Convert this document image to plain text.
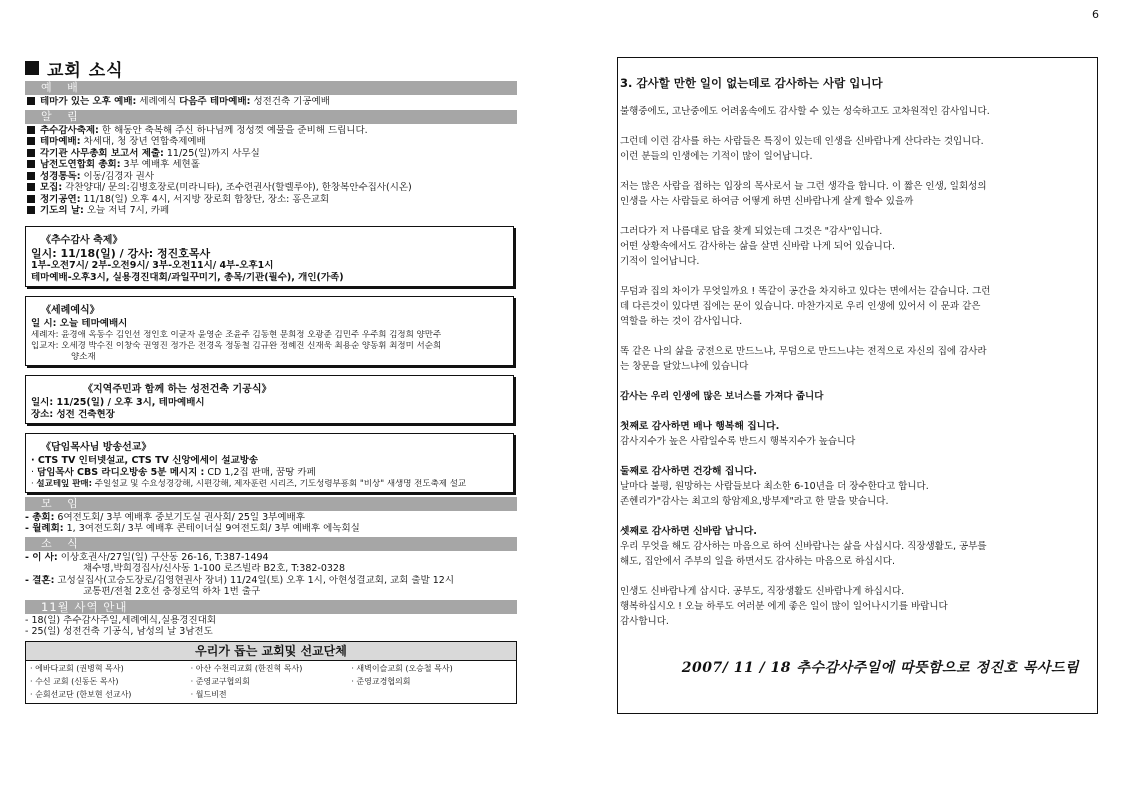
6
교회 소식
예 배
테마가 있는 오후 예배: 세례예식 다음주 테마예배: 성전건축 기공예배
알 림
추수감사축제: 한 해동안 축복해 주신 하나님께 정성껏 예물을 준비해 드립니다.
테마예배: 차세대, 청 장년 연합축제예배
각기관 사무총회 보고서 제출: 11/25(일)까지 사무실
남전도연합회 총회: 3부 예배후 세현홀
성경통독: 이동/김경자 권사
모집: 각찬양대/ 문의:김병호장로(미라니타), 조수련권사(할렐루야), 한창복안수집사(시온)
정기공연: 11/18(일) 오후 4시, 서지방 장로회 합창단, 장소: 홍은교회
기도의 날: 오늘 저녁 7시, 카페
《추수감사 축제》
일시: 11/18(일) / 강사: 정진호목사
1부-오전7시/ 2부-오전9시/ 3부-오전11시/ 4부-오후1시
테마예배-오후3시, 실용경진대회/과일꾸미기, 총목/기관(필수), 개인(가족)
《세례예식》
일 시: 오늘 테마예배시
세례자: 윤경애 옥동수 김인선 정인호 이균자 윤영순 조윤주 김동현 문희정 오광준 김민주 우주희 김정희 양만주
입교자: 오세경 박수진 이창숙 권영진 정가은 전경옥 정동철 김규완 정혜진 신재욱 최용순 양동휘 최정미 서순희
양소재
《지역주민과 함께 하는 성전건축 기공식》
일시: 11/25(일) / 오후 3시, 테마예배시
장소: 성전 건축현장
《담임목사님 방송선교》
· CTS TV 인터넷설교, CTS TV 신앙에세이 설교방송
· 담임목사 CBS 라디오방송 5분 메시지 : CD 1,2집 판매, 꿈땅 카페
· 설교테잎 판매: 주일설교 및 수요성경강해, 시편강해, 제자훈련 시리즈, 기도성령부흥회 "비상" 새생명 전도축제 설교
모 임
- 총회: 6여전도회/ 3부 예배후 중보기도실 권사회/ 25일 3부예배후
- 월례회: 1, 3여전도회/ 3부 예배후 콘테이너실 9여전도회/ 3부 예배후 에녹회실
소 식
- 이 사: 이상호권사/27일(일) 구산동 26-16, T:387-1494
채수명,박희경집사/신사동 1-100 로즈빌라 B2호, T:382-0328
- 결혼: 고성실집사(고승도장로/김영현권사 장녀) 11/24일(토) 오후 1시, 아현성결교회, 교회 출발 12시
교통편/전철 2호선 충정로역 하차 1번 출구
11월 사역 안내
- 18(일) 추수감사주일,세례예식,실용경진대회
- 25(일) 성전건축 기공식, 남성의 날 3남전도
우리가 돕는 교회및 선교단체
· 에바다교회 (권병혁 목사)	· 아산 수천리교회 (한진혁 목사)	· 새벽이슬교회 (오승철 목사)
· 수신 교회 (신동돈 목사)	· 준영교구협의회	· 준영교경협의회
· 순회선교단 (한보현 선교사)	· 월드비전
3. 감사할 만한 일이 없는데로 감사하는 사람 입니다
불행중에도, 고난중에도 어려움속에도 감사할 수 있는 성숙하고도 고차원적인 감사입니다.
그런데 이런 감사를 하는 사람들은 특징이 있는데 인생을 신바람나게 산다라는 것입니다.
이런 분들의 인생에는 기적이 많이 일어납니다.
저는 많은 사람을 접하는 입장의 목사로서 늘 그런 생각을 합니다. 이 짧은 인생, 일회성의
인생을 사는 사람들로 하여금 어떻게 하면 신바람나게 살게 할수 있을까
그러다가 저 나름대로 답을 찾게 되었는데 그것은 "감사"입니다.
어떤 상황속에서도 감사하는 삶을 살면 신바람 나게 되어 있습니다.
기적이 일어납니다.
무덤과 집의 차이가 무엇일까요 ! 똑같이 공간을 차지하고 있다는 면에서는 같습니다. 그런
데 다른것이 있다면 집에는 문이 있습니다. 마찬가지로 우리 인생에 있어서 이 문과 같은
역할을 하는 것이 감사입니다.
똑 같은 나의 삶을 궁전으로 만드느냐, 무덤으로 만드느냐는 전적으로 자신의 집에 감사라
는 창문을 달았느냐에 있습니다
감사는 우리 인생에 많은 보너스를 가져다 줍니다
첫째로 감사하면 배나 행복해 집니다.
감사지수가 높은 사람일수록 반드시 행복지수가 높습니다
둘째로 감사하면 건강해 집니다.
날마다 불평, 원망하는 사람들보다 최소한 6-10년을 더 장수한다고 합니다.
존헨리가"감사는 최고의 항암제요,방부제"라고 한 말을 맞습니다.
셋째로 감사하면 신바람 납니다.
우리 무엇을 해도 감사하는 마음으로 하여 신바람나는 삶을 사십시다. 직장생활도, 공부를
해도, 집안에서 주부의 일을 하면서도 감사하는 마음으로 하십시다.
인생도 신바람나게 삽시다. 공부도, 직장생활도 신바람나게 하십시다.
행복하십시오 ! 오늘 하루도 여러분 에게 좋은 일이 많이 일어나시기를 바랍니다
감사합니다.
2007/ 11 / 18 추수감사주일에 따뜻함으로 정진호 목사드림
